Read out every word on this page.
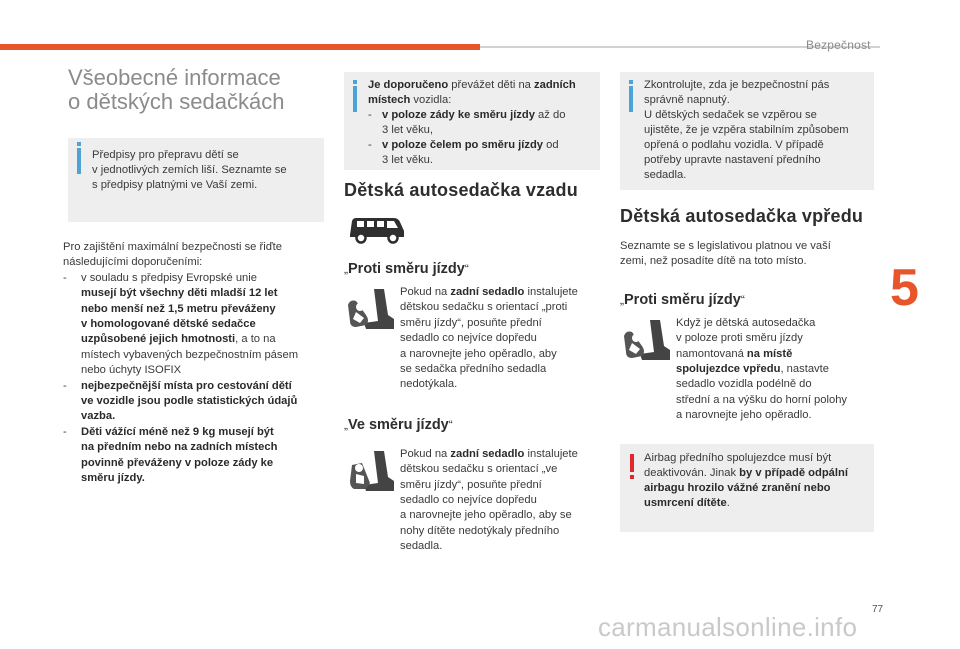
Bezpečnost
5
77
carmanualsonline.info
Všeobecné informace
o dětských sedačkách
Předpisy pro přepravu dětí se
v jednotlivých zemích liší. Seznamte se
s předpisy platnými ve Vaší zemi.
Pro zajištění maximální bezpečnosti se řiďte
následujícími doporučeními:
-	v souladu s předpisy Evropské unie
musejí být všechny děti mladší 12 let
nebo menší než 1,5 metru převáženy
v homologované dětské sedačce
uzpůsobené jejich hmotnosti, a to na
místech vybavených bezpečnostním pásem
nebo úchyty ISOFIX
-	nejbezpečnější místa pro cestování dětí
ve vozidle jsou podle statistických údajů
vazba.
-	Děti vážící méně než 9 kg musejí být
na předním nebo na zadních místech
povinně převáženy v poloze zády ke
směru jízdy.
Je doporučeno převážet děti na zadních
místech vozidla:
- v poloze zády ke směru jízdy až do
3 let věku,
- v poloze čelem po směru jízdy od
3 let věku.
Dětská autosedačka vzadu
„Proti směru jízdy“
Pokud na zadní sedadlo instalujete
dětskou sedačku s orientací „proti
směru jízdy“, posuňte přední
sedadlo co nejvíce dopředu
a narovnejte jeho opěradlo, aby
se sedačka předního sedadla
nedotýkala.
„Ve směru jízdy“
Pokud na zadní sedadlo instalujete
dětskou sedačku s orientací „ve
směru jízdy“, posuňte přední
sedadlo co nejvíce dopředu
a narovnejte jeho opěradlo, aby se
nohy dítěte nedotýkaly předního
sedadla.
Zkontrolujte, zda je bezpečnostní pás
správně napnutý.
U dětských sedaček se vzpěrou se
ujistěte, že je vzpěra stabilním způsobem
opřená o podlahu vozidla. V případě
potřeby upravte nastavení předního
sedadla.
Dětská autosedačka vpředu
Seznamte se s legislativou platnou ve vaší
zemi, než posadíte dítě na toto místo.
„Proti směru jízdy“
Když je dětská autosedačka
v poloze proti směru jízdy
namontovaná na místě
spolujezdce vpředu, nastavte
sedadlo vozidla podélně do
střední a na výšku do horní polohy
a narovnejte jeho opěradlo.
Airbag předního spolujezdce musí být
deaktivován. Jinak by v případě odpální
airbagu hrozilo vážné zranění nebo
usmrcení dítěte.
